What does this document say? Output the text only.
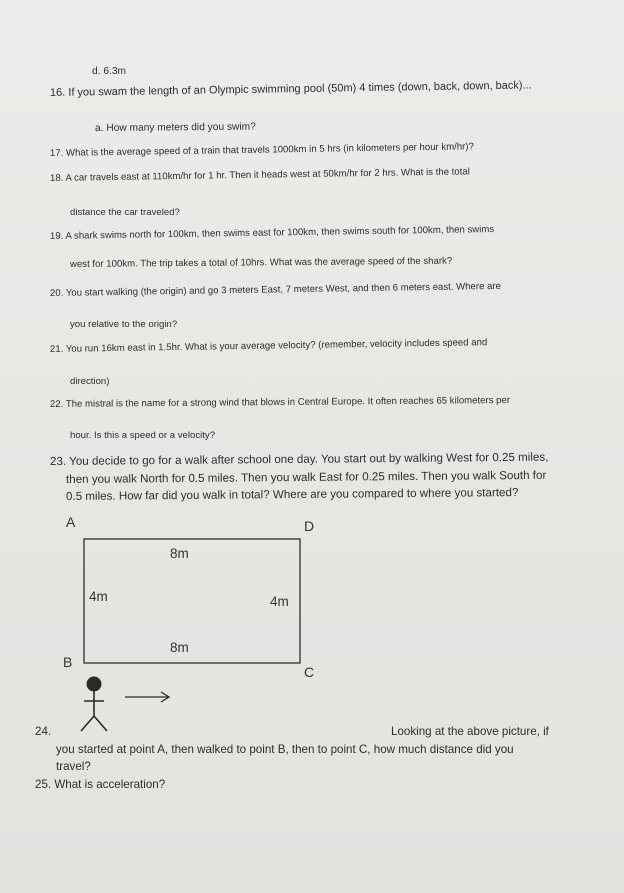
d. 6.3m
16. If you swam the length of an Olympic swimming pool (50m) 4 times (down, back, down, back)...
a. How many meters did you swim?
17. What is the average speed of a train that travels 1000km in 5 hrs (in kilometers per hour km/hr)?
18. A car travels east at 110km/hr for 1 hr. Then it heads west at 50km/hr for 2 hrs. What is the total
distance the car traveled?
19. A shark swims north for 100km, then swims east for 100km, then swims south for 100km, then swims
west for 100km. The trip takes a total of 10hrs. What was the average speed of the shark?
20. You start walking (the origin) and go 3 meters East, 7 meters West, and then 6 meters east. Where are
you relative to the origin?
21. You run 16km east in 1.5hr. What is your average velocity? (remember, velocity includes speed and
direction)
22. The mistral is the name for a strong wind that blows in Central Europe. It often reaches 65 kilometers per
hour. Is this a speed or a velocity?
23. You decide to go for a walk after school one day. You start out by walking West for 0.25 miles,
then you walk North for 0.5 miles. Then you walk East for 0.25 miles. Then you walk South for
0.5 miles. How far did you walk in total? Where are you compared to where you started?
A	D
B
C
8m
4m	4m
8m
24.	Looking at the above picture, if
you started at point A, then walked to point B, then to point C, how much distance did you
travel?
25. What is acceleration?
